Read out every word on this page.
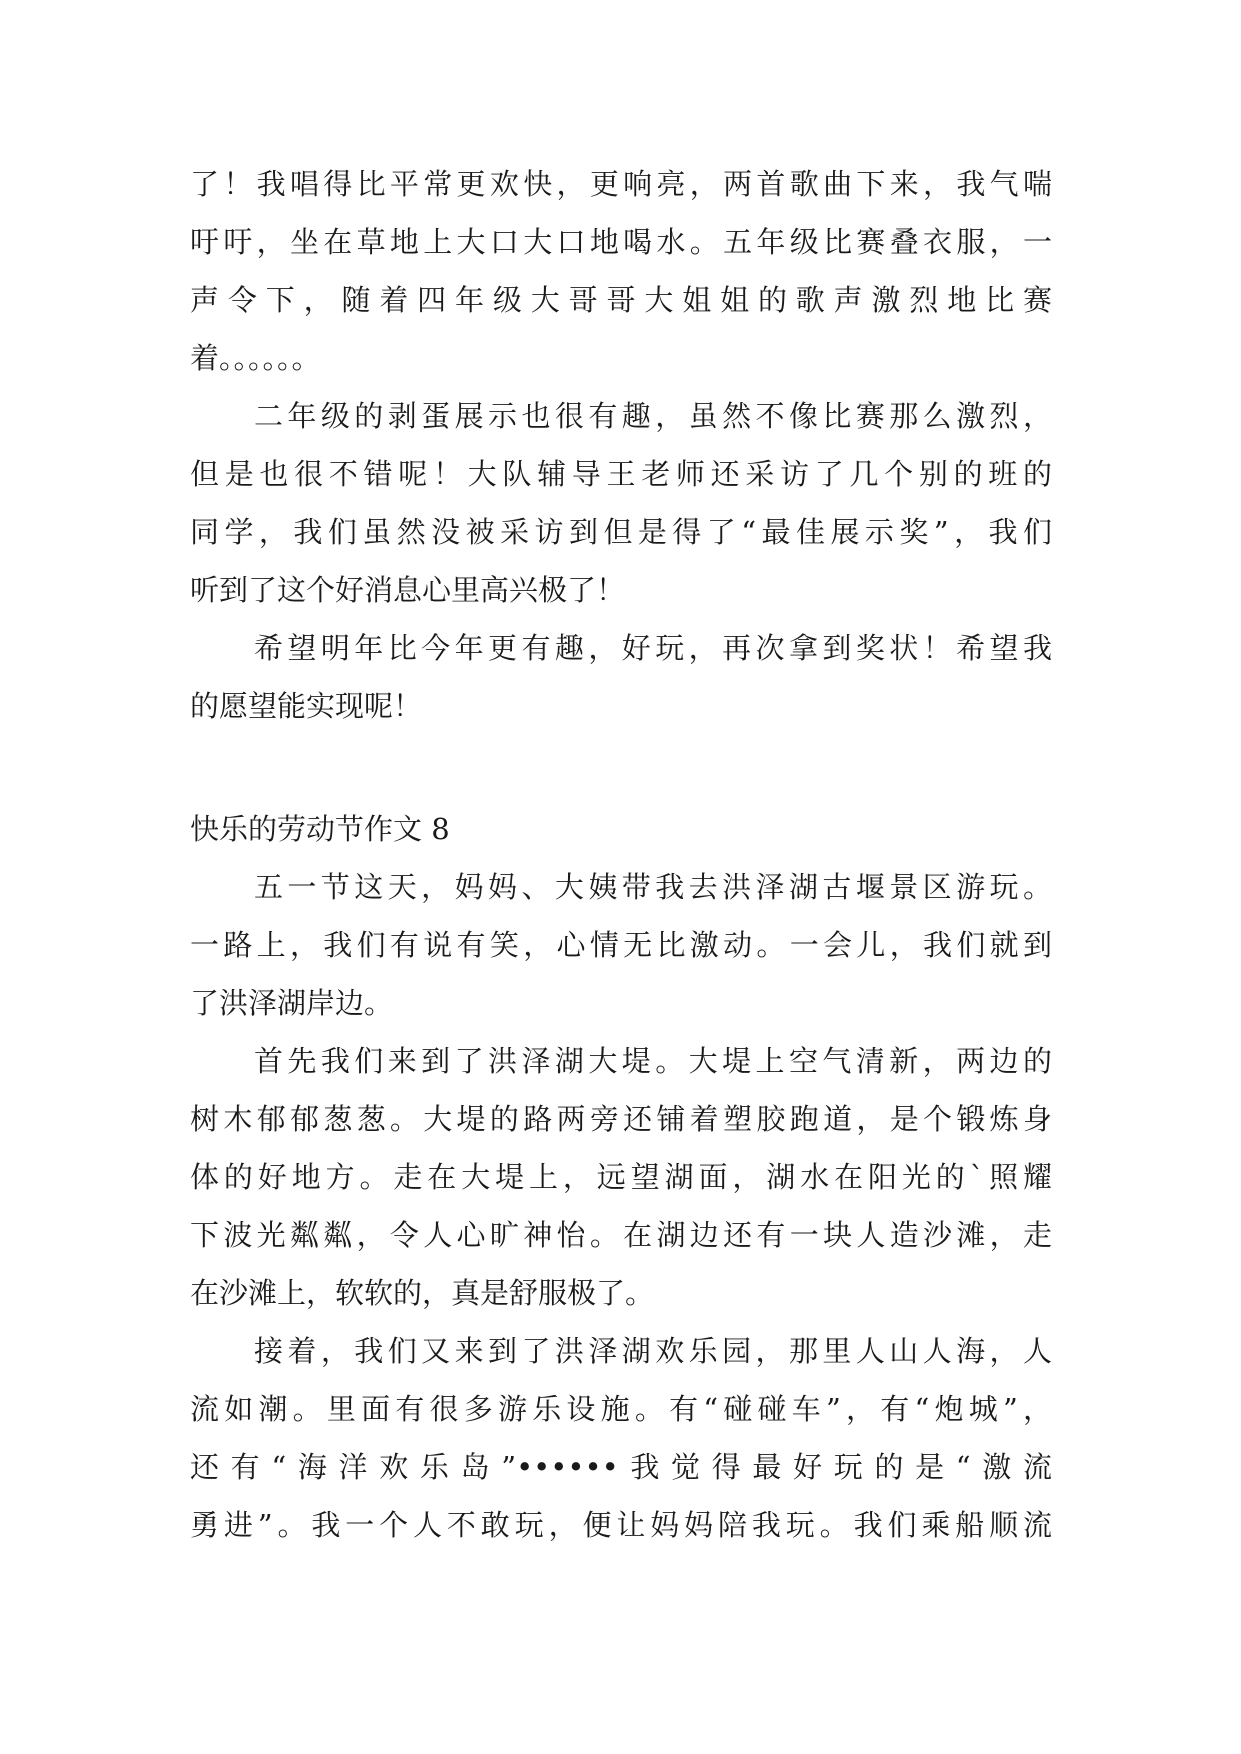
了！我唱得比平常更欢快，更响亮，两首歌曲下来，我气喘
吁吁，坐在草地上大口大口地喝水。五年级比赛叠衣服，一
声令下，随着四年级大哥哥大姐姐的歌声激烈地比赛
着。。。。。。
二年级的剥蛋展示也很有趣，虽然不像比赛那么激烈，
但是也很不错呢！大队辅导王老师还采访了几个别的班的
同学，我们虽然没被采访到但是得了“最佳展示奖”，我们
听到了这个好消息心里高兴极了！
希望明年比今年更有趣，好玩，再次拿到奖状！希望我
的愿望能实现呢！
快乐的劳动节作文 8
五一节这天，妈妈、大姨带我去洪泽湖古堰景区游玩。
一路上，我们有说有笑，心情无比激动。一会儿，我们就到
了洪泽湖岸边。
首先我们来到了洪泽湖大堤。大堤上空气清新，两边的
树木郁郁葱葱。大堤的路两旁还铺着塑胶跑道，是个锻炼身
体的好地方。走在大堤上，远望湖面，湖水在阳光的`照耀
下波光粼粼，令人心旷神怡。在湖边还有一块人造沙滩，走
在沙滩上，软软的，真是舒服极了。
接着，我们又来到了洪泽湖欢乐园，那里人山人海，人
流如潮。里面有很多游乐设施。有“碰碰车”，有“炮城”，
还有“海洋欢乐岛”••••••我觉得最好玩的是“激流
勇进”。我一个人不敢玩，便让妈妈陪我玩。我们乘船顺流
